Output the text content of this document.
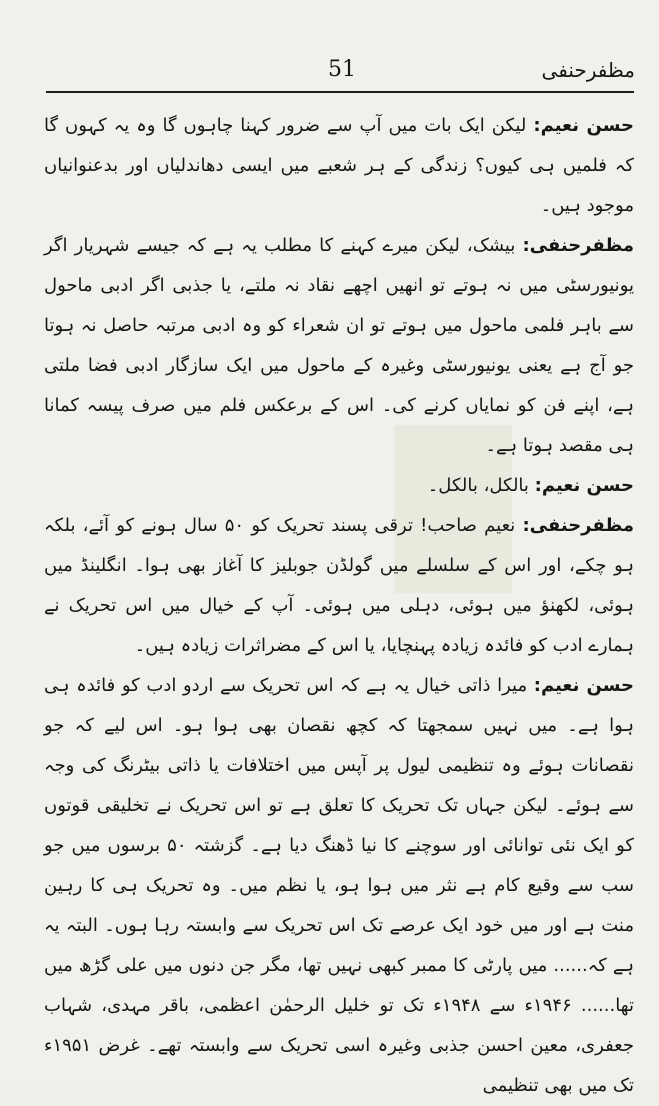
51	مظفرحنفی

حسن نعیم: لیکن ایک بات میں آپ سے ضرور کہنا چاہوں گا وہ یہ کہوں گا کہ فلمیں ہی کیوں؟ زندگی کے ہر شعبے میں ایسی دھاندلیاں اور بدعنوانیاں موجود ہیں۔

مظفرحنفی: بیشک، لیکن میرے کہنے کا مطلب یہ ہے کہ جیسے شہریار اگر یونیورسٹی میں نہ ہوتے تو انھیں اچھے نقاد نہ ملتے، یا جذبی اگر ادبی ماحول سے باہر فلمی ماحول میں ہوتے تو ان شعراء کو وہ ادبی مرتبہ حاصل نہ ہوتا جو آج ہے یعنی یونیورسٹی وغیرہ کے ماحول میں ایک سازگار ادبی فضا ملتی ہے، اپنے فن کو نمایاں کرنے کی۔ اس کے برعکس فلم میں صرف پیسہ کمانا ہی مقصد ہوتا ہے۔

حسن نعیم: بالکل، بالکل۔

مظفرحنفی: نعیم صاحب! ترقی پسند تحریک کو ۵۰ سال ہونے کو آئے، بلکہ ہو چکے، اور اس کے سلسلے میں گولڈن جوبلیز کا آغاز بھی ہوا۔ انگلینڈ میں ہوئی، لکھنؤ میں ہوئی، دہلی میں ہوئی۔ آپ کے خیال میں اس تحریک نے ہمارے ادب کو فائدہ زیادہ پہنچایا، یا اس کے مضراثرات زیادہ ہیں۔

حسن نعیم: میرا ذاتی خیال یہ ہے کہ اس تحریک سے اردو ادب کو فائدہ ہی ہوا ہے۔ میں نہیں سمجھتا کہ کچھ نقصان بھی ہوا ہو۔ اس لیے کہ جو نقصانات ہوئے وہ تنظیمی لیول پر آپس میں اختلافات یا ذاتی بیٹرنگ کی وجہ سے ہوئے۔ لیکن جہاں تک تحریک کا تعلق ہے تو اس تحریک نے تخلیقی قوتوں کو ایک نئی توانائی اور سوچنے کا نیا ڈھنگ دیا ہے۔ گزشتہ ۵۰ برسوں میں جو سب سے وقیع کام ہے نثر میں ہوا ہو، یا نظم میں۔ وہ تحریک ہی کا رہین منت ہے اور میں خود ایک عرصے تک اس تحریک سے وابستہ رہا ہوں۔ البتہ یہ ہے کہ...... میں پارٹی کا ممبر کبھی نہیں تھا، مگر جن دنوں میں علی گڑھ میں تھا...... ۱۹۴۶ء سے ۱۹۴۸ء تک تو خلیل الرحمٰن اعظمی، باقر مہدی، شہاب جعفری، معین احسن جذبی وغیرہ اسی تحریک سے وابستہ تھے۔ غرض ۱۹۵۱ء تک میں بھی تنظیمی
